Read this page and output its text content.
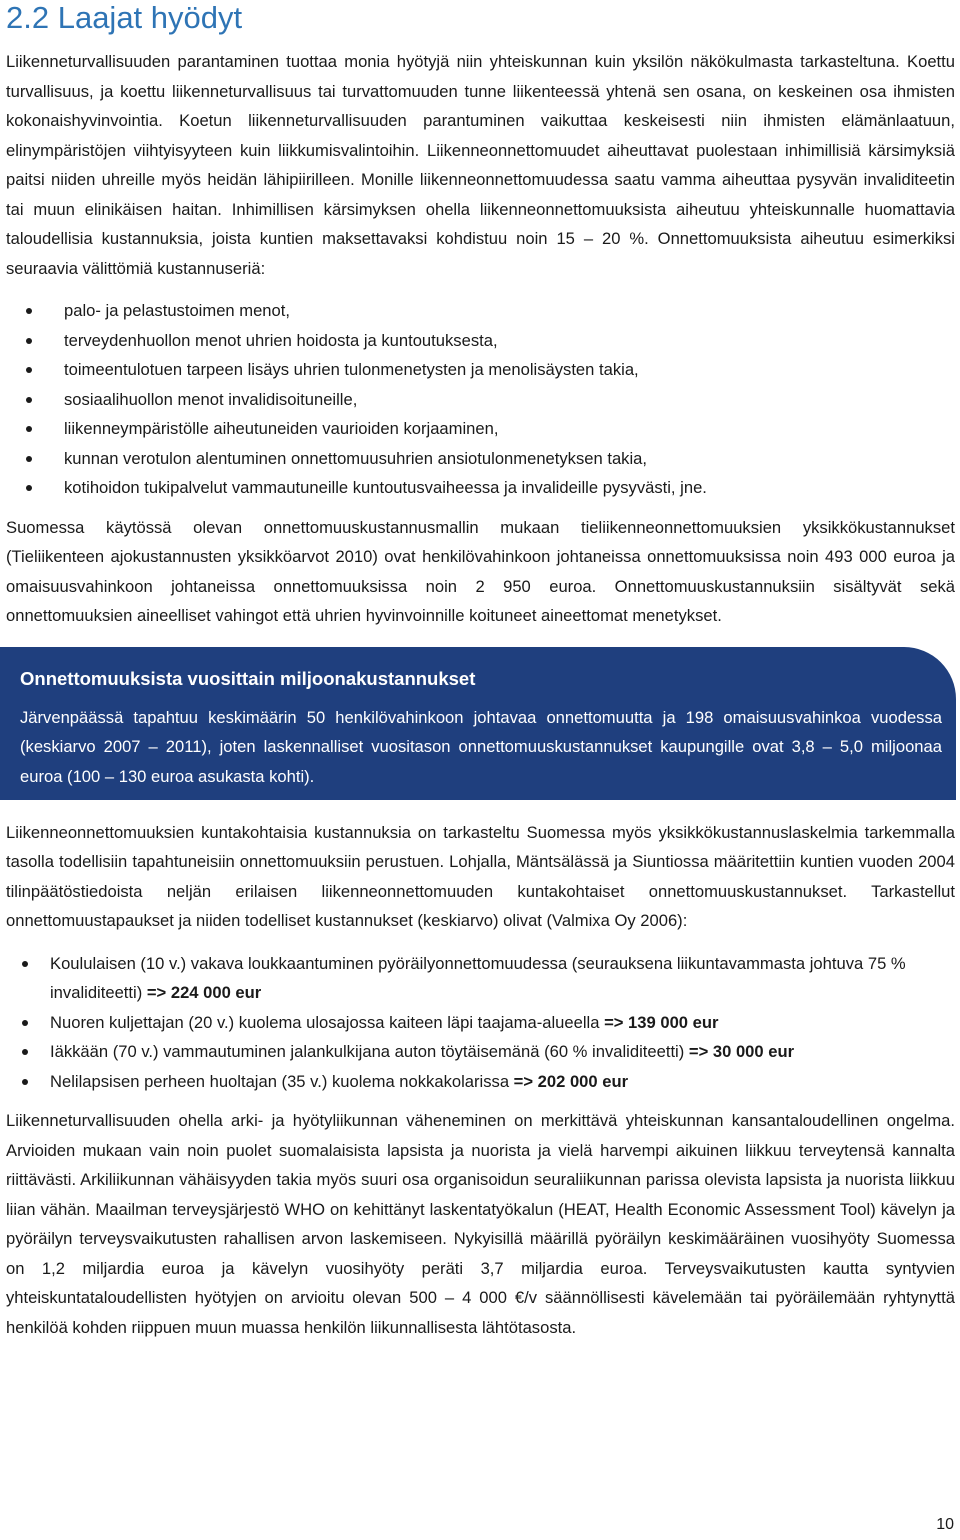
2.2 Laajat hyödyt

Liikenneturvallisuuden parantaminen tuottaa monia hyötyjä niin yhteiskunnan kuin yksilön näkökulmasta tarkasteltuna. Koettu turvallisuus, ja koettu liikenneturvallisuus tai turvattomuuden tunne liikenteessä yhtenä sen osana, on keskeinen osa ihmisten kokonaishyvinvointia. Koetun liikenneturvallisuuden parantuminen vaikuttaa keskeisesti niin ihmisten elämänlaatuun, elinympäristöjen viihtyisyyteen kuin liikkumisvalintoihin. Liikenneonnettomuudet aiheuttavat puolestaan inhimillisiä kärsimyksiä paitsi niiden uhreille myös heidän lähipiirilleen. Monille liikenneonnettomuudessa saatu vamma aiheuttaa pysyvän invaliditeetin tai muun elinikäisen haitan. Inhimillisen kärsimyksen ohella liikenneonnettomuuksista aiheutuu yhteiskunnalle huomattavia taloudellisia kustannuksia, joista kuntien maksettavaksi kohdistuu noin 15 – 20 %. Onnettomuuksista aiheutuu esimerkiksi seuraavia välittömiä kustannuseriä:

palo- ja pelastustoimen menot,
terveydenhuollon menot uhrien hoidosta ja kuntoutuksesta,
toimeentulotuen tarpeen lisäys uhrien tulonmenetysten ja menolisäysten takia,
sosiaalihuollon menot invalidisoituneille,
liikenneympäristölle aiheutuneiden vaurioiden korjaaminen,
kunnan verotulon alentuminen onnettomuusuhrien ansiotulonmenetyksen takia,
kotihoidon tukipalvelut vammautuneille kuntoutusvaiheessa ja invalideille pysyvästi, jne.

Suomessa käytössä olevan onnettomuuskustannusmallin mukaan tieliikenneonnettomuuksien yksikkökustannukset (Tieliikenteen ajokustannusten yksikköarvot 2010) ovat henkilövahinkoon johtaneissa onnettomuuksissa noin 493 000 euroa ja omaisuusvahinkoon johtaneissa onnettomuuksissa noin 2 950 euroa. Onnettomuuskustannuksiin sisältyvät sekä onnettomuuksien aineelliset vahingot että uhrien hyvinvoinnille koituneet aineettomat menetykset.

Onnettomuuksista vuosittain miljoonakustannukset

Järvenpäässä tapahtuu keskimäärin 50 henkilövahinkoon johtavaa onnettomuutta ja 198 omaisuusvahinkoa vuodessa (keskiarvo 2007 – 2011), joten laskennalliset vuositason onnettomuuskustannukset kaupungille ovat 3,8 – 5,0 miljoonaa euroa (100 – 130 euroa asukasta kohti).

Liikenneonnettomuuksien kuntakohtaisia kustannuksia on tarkasteltu Suomessa myös yksikkökustannuslaskelmia tarkemmalla tasolla todellisiin tapahtuneisiin onnettomuuksiin perustuen. Lohjalla, Mäntsälässä ja Siuntiossa määritettiin kuntien vuoden 2004 tilinpäätöstiedoista neljän erilaisen liikenneonnettomuuden kuntakohtaiset onnettomuuskustannukset. Tarkastellut onnettomuustapaukset ja niiden todelliset kustannukset (keskiarvo) olivat (Valmixa Oy 2006):

Koululaisen (10 v.) vakava loukkaantuminen pyöräilyonnettomuudessa (seurauksena liikuntavammasta johtuva 75 % invaliditeetti) => 224 000 eur
Nuoren kuljettajan (20 v.) kuolema ulosajossa kaiteen läpi taajama-alueella => 139 000 eur
Iäkkään (70 v.) vammautuminen jalankulkijana auton töytäisemänä (60 % invaliditeetti) => 30 000 eur
Nelilapsisen perheen huoltajan (35 v.) kuolema nokkakolarissa => 202 000 eur

Liikenneturvallisuuden ohella arki- ja hyötyliikunnan väheneminen on merkittävä yhteiskunnan kansantaloudellinen ongelma. Arvioiden mukaan vain noin puolet suomalaisista lapsista ja nuorista ja vielä harvempi aikuinen liikkuu terveytensä kannalta riittävästi. Arkiliikunnan vähäisyyden takia myös suuri osa organisoidun seuraliikunnan parissa olevista lapsista ja nuorista liikkuu liian vähän. Maailman terveysjärjestö WHO on kehittänyt laskentatyökalun (HEAT, Health Economic Assessment Tool) kävelyn ja pyöräilyn terveysvaikutusten rahallisen arvon laskemiseen. Nykyisillä määrillä pyöräilyn keskimääräinen vuosihyöty Suomessa on 1,2 miljardia euroa ja kävelyn vuosihyöty peräti 3,7 miljardia euroa. Terveysvaikutusten kautta syntyvien yhteiskuntataloudellisten hyötyjen on arvioitu olevan 500 – 4 000 €/v säännöllisesti kävelemään tai pyöräilemään ryhtynyttä henkilöä kohden riippuen muun muassa henkilön liikunnallisesta lähtötasosta.

10
